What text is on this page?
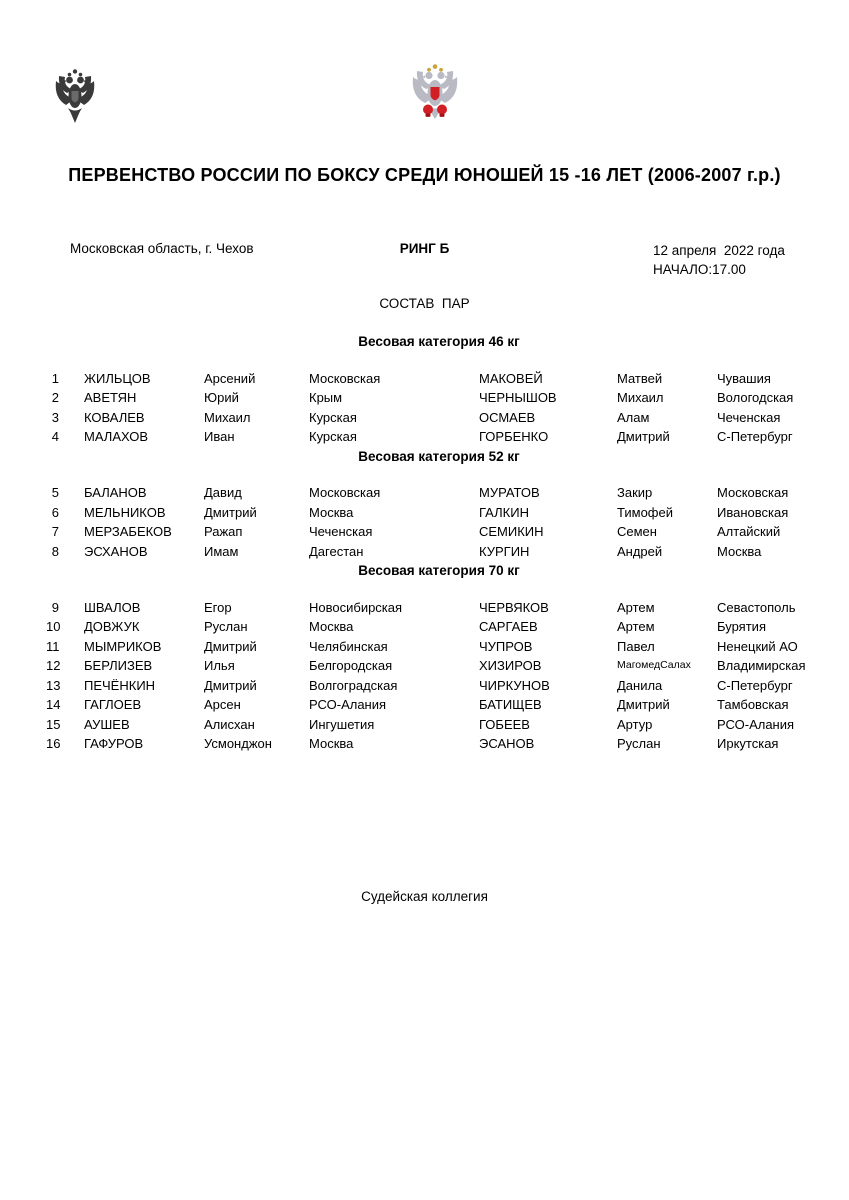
ПЕРВЕНСТВО РОССИИ ПО БОКСУ СРЕДИ ЮНОШЕЙ 15 -16 ЛЕТ (2006-2007 г.р.)
Московская область, г. Чехов	РИНГ Б	12 апреля  2022 года
НАЧАЛО:17.00
СОСТАВ  ПАР
Весовая категория 46 кг
1	ЖИЛЬЦОВ	Арсений	Московская	МАКОВЕЙ	Матвей	Чувашия
2	АВЕТЯН	Юрий	Крым	ЧЕРНЫШОВ	Михаил	Вологодская
3	КОВАЛЕВ	Михаил	Курская	ОСМАЕВ	Алам	Чеченская
4	МАЛАХОВ	Иван	Курская	ГОРБЕНКО	Дмитрий	С-Петербург
Весовая категория 52 кг
5	БАЛАНОВ	Давид	Московская	МУРАТОВ	Закир	Московская
6	МЕЛЬНИКОВ	Дмитрий	Москва	ГАЛКИН	Тимофей	Ивановская
7	МЕРЗАБЕКОВ	Ражап	Чеченская	СЕМИКИН	Семен	Алтайский
8	ЭСХАНОВ	Имам	Дагестан	КУРГИН	Андрей	Москва
Весовая категория 70 кг
9	ШВАЛОВ	Егор	Новосибирская	ЧЕРВЯКОВ	Артем	Севастополь
10	ДОВЖУК	Руслан	Москва	САРГАЕВ	Артем	Бурятия
11	МЫМРИКОВ	Дмитрий	Челябинская	ЧУПРОВ	Павел	Ненецкий АО
12	БЕРЛИЗЕВ	Илья	Белгородская	ХИЗИРОВ	МагомедСалах	Владимирская
13	ПЕЧЁНКИН	Дмитрий	Волгоградская	ЧИРКУНОВ	Данила	С-Петербург
14	ГАГЛОЕВ	Арсен	РСО-Алания	БАТИЩЕВ	Дмитрий	Тамбовская
15	АУШЕВ	Алисхан	Ингушетия	ГОБЕЕВ	Артур	РСО-Алания
16	ГАФУРОВ	Усмонджон	Москва	ЭСАНОВ	Руслан	Иркутская
Судейская коллегия
